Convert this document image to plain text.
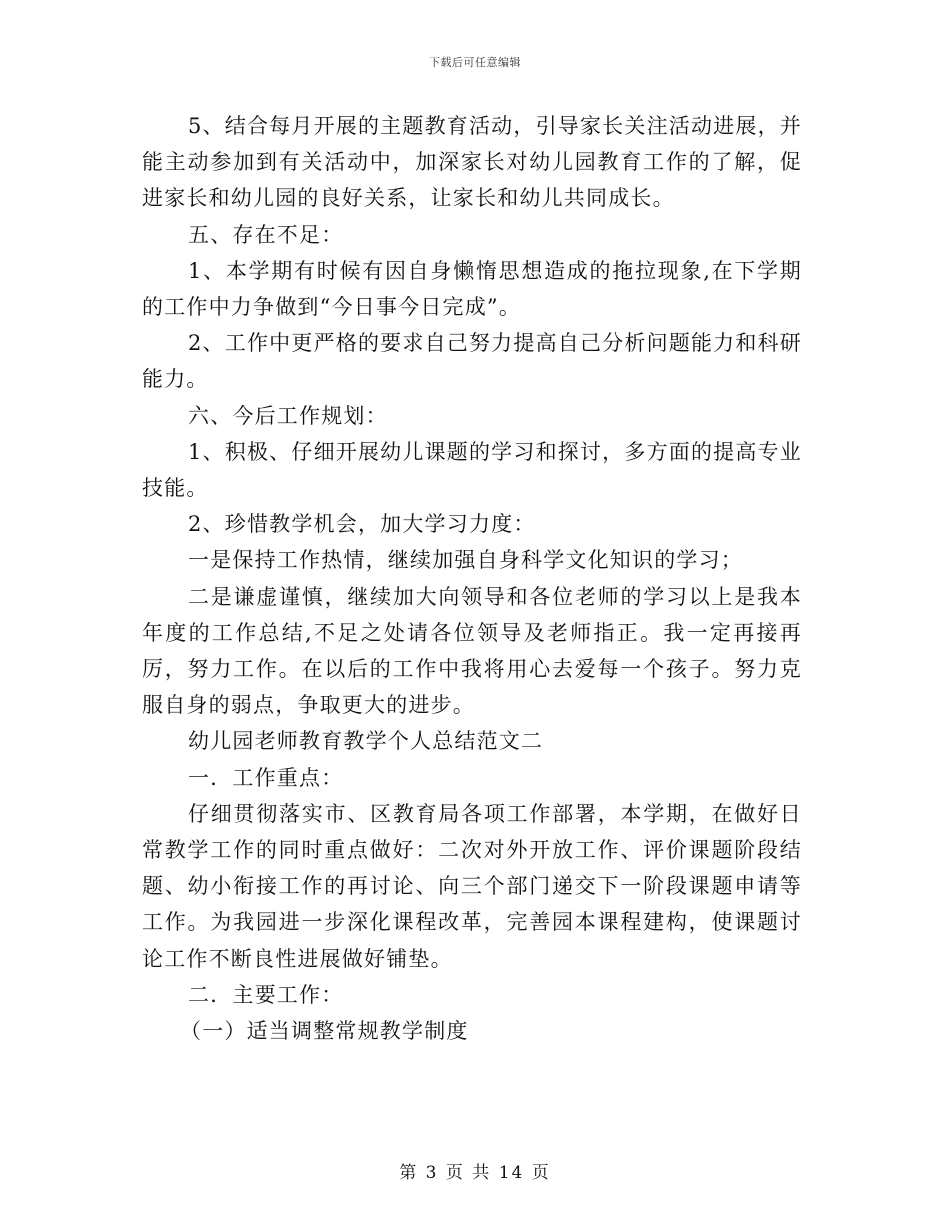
下载后可任意编辑

5、结合每月开展的主题教育活动，引导家长关注活动进展，并能主动参加到有关活动中，加深家长对幼儿园教育工作的了解，促进家长和幼儿园的良好关系，让家长和幼儿共同成长。

五、存在不足：

1、本学期有时候有因自身懒惰思想造成的拖拉现象,在下学期的工作中力争做到“今日事今日完成”。

2、工作中更严格的要求自己努力提高自己分析问题能力和科研能力。

六、今后工作规划：

1、积极、仔细开展幼儿课题的学习和探讨，多方面的提高专业技能。

2、珍惜教学机会，加大学习力度：

一是保持工作热情，继续加强自身科学文化知识的学习；

二是谦虚谨慎，继续加大向领导和各位老师的学习以上是我本年度的工作总结,不足之处请各位领导及老师指正。我一定再接再厉，努力工作。在以后的工作中我将用心去爱每一个孩子。努力克服自身的弱点，争取更大的进步。

幼儿园老师教育教学个人总结范文二

一．工作重点：

仔细贯彻落实市、区教育局各项工作部署，本学期，在做好日常教学工作的同时重点做好：二次对外开放工作、评价课题阶段结题、幼小衔接工作的再讨论、向三个部门递交下一阶段课题申请等工作。为我园进一步深化课程改革，完善园本课程建构，使课题讨论工作不断良性进展做好铺垫。

二．主要工作：

（一）适当调整常规教学制度

第 3 页 共 14 页
